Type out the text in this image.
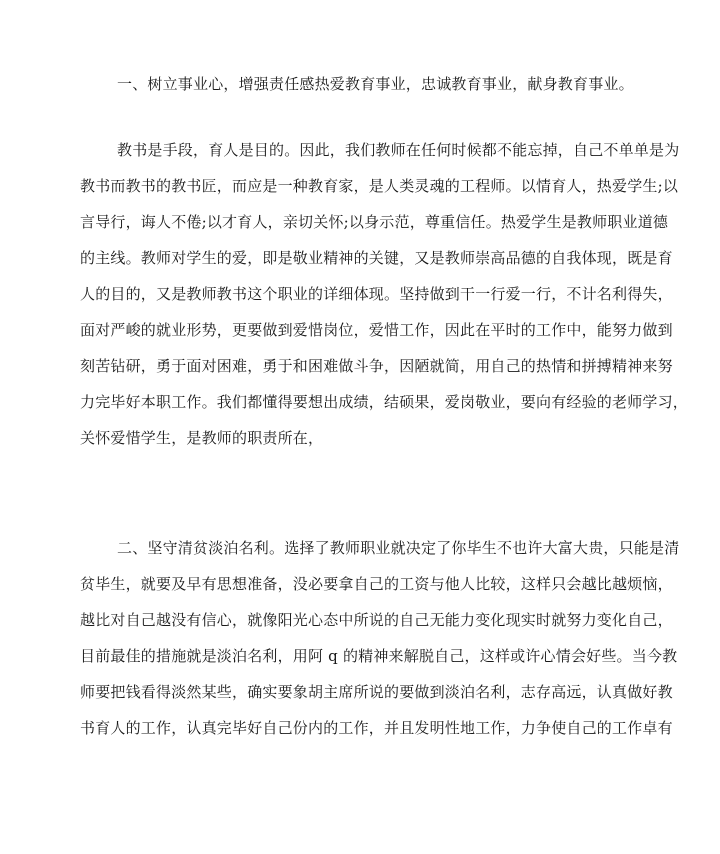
一、树立事业心，增强责任感热爱教育事业，忠诚教育事业，献身教育事业。
教书是手段，育人是目的。因此，我们教师在任何时候都不能忘掉，自己不单单是为
教书而教书的教书匠，而应是一种教育家，是人类灵魂的工程师。以情育人，热爱学生;以
言导行，诲人不倦;以才育人，亲切关怀;以身示范，尊重信任。热爱学生是教师职业道德
的主线。教师对学生的爱，即是敬业精神的关键，又是教师崇高品德的自我体现，既是育
人的目的，又是教师教书这个职业的详细体现。坚持做到干一行爱一行，不计名利得失，
面对严峻的就业形势，更要做到爱惜岗位，爱惜工作，因此在平时的工作中，能努力做到
刻苦钻研，勇于面对困难，勇于和困难做斗争，因陋就简，用自己的热情和拼搏精神来努
力完毕好本职工作。我们都懂得要想出成绩，结硕果，爱岗敬业，要向有经验的老师学习，
关怀爱惜学生，是教师的职责所在，
二、坚守清贫淡泊名利。选择了教师职业就决定了你毕生不也许大富大贵，只能是清
贫毕生，就要及早有思想准备，没必要拿自己的工资与他人比较，这样只会越比越烦恼，
越比对自己越没有信心，就像阳光心态中所说的自己无能力变化现实时就努力变化自己，
目前最佳的措施就是淡泊名利，用阿 q 的精神来解脱自己，这样或许心情会好些。当今教
师要把钱看得淡然某些，确实要象胡主席所说的要做到淡泊名利，志存高远，认真做好教
书育人的工作，认真完毕好自己份内的工作，并且发明性地工作，力争使自己的工作卓有
